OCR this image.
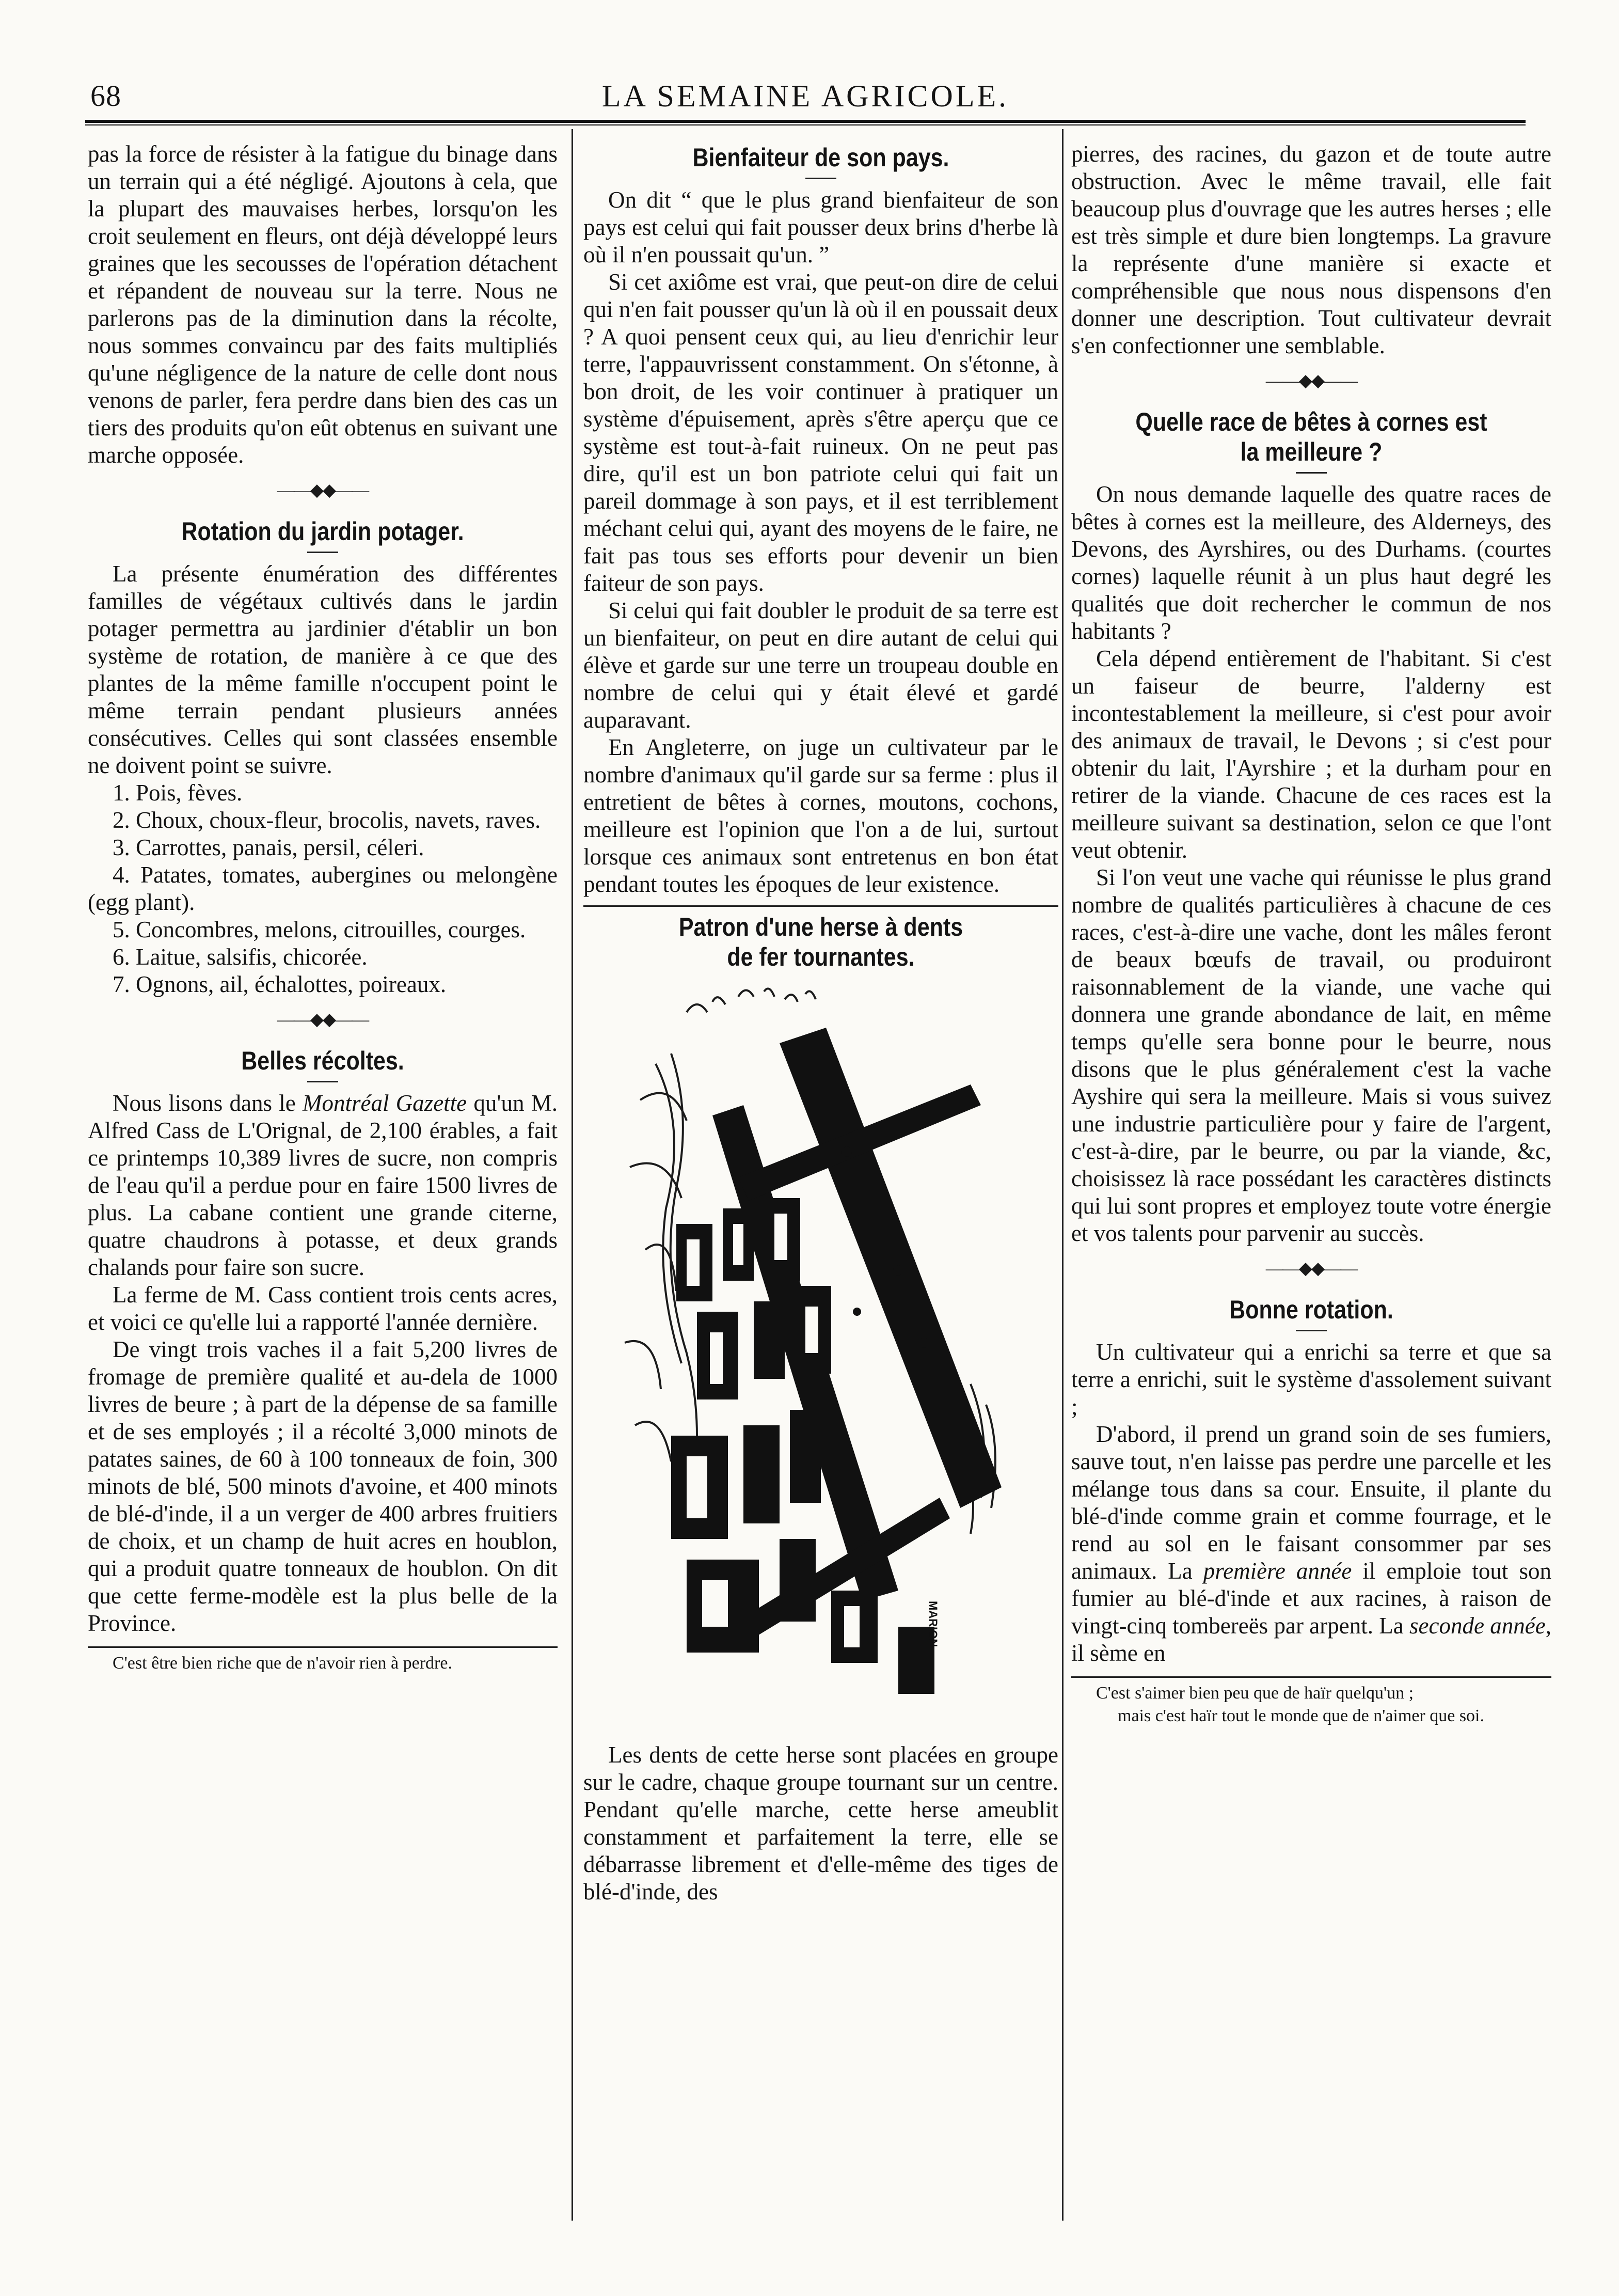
68	LA SEMAINE AGRICOLE.

pas la force de résister à la fatigue du binage dans un terrain qui a été négligé. Ajoutons à cela, que la plupart des mauvaises herbes, lorsqu'on les croit seulement en fleurs, ont déjà développé leurs graines que les secousses de l'opération détachent et répandent de nouveau sur la terre. Nous ne parlerons pas de la diminution dans la récolte, nous sommes convaincu par des faits multipliés qu'une négligence de la nature de celle dont nous venons de parler, fera perdre dans bien des cas un tiers des produits qu'on eût obtenus en suivant une marche opposée.

——◆◆——
Rotation du jardin potager.

La présente énumération des différentes familles de végétaux cultivés dans le jardin potager permettra au jardinier d'établir un bon système de rotation, de manière à ce que des plantes de la même famille n'occupent point le même terrain pendant plusieurs années consécutives. Celles qui sont classées ensemble ne doivent point se suivre.

1. Pois, fèves.

2. Choux, choux-fleur, brocolis, navets, raves.

3. Carrottes, panais, persil, céleri.

4. Patates, tomates, aubergines ou melongène (egg plant).

5. Concombres, melons, citrouilles, courges.

6. Laitue, salsifis, chicorée.

7. Ognons, ail, échalottes, poireaux.

——◆◆——
Belles récoltes.

Nous lisons dans le Montréal Gazette qu'un M. Alfred Cass de L'Orignal, de 2,100 érables, a fait ce printemps 10,389 livres de sucre, non compris de l'eau qu'il a perdue pour en faire 1500 livres de plus. La cabane contient une grande citerne, quatre chaudrons à potasse, et deux grands chalands pour faire son sucre.

La ferme de M. Cass contient trois cents acres, et voici ce qu'elle lui a rapporté l'année dernière.

De vingt trois vaches il a fait 5,200 livres de fromage de première qualité et au-dela de 1000 livres de beure ; à part de la dépense de sa famille et de ses employés ; il a récolté 3,000 minots de patates saines, de 60 à 100 tonneaux de foin, 300 minots de blé, 500 minots d'avoine, et 400 minots de blé-d'inde, il a un verger de 400 arbres fruitiers de choix, et un champ de huit acres en houblon, qui a produit quatre tonneaux de houblon. On dit que cette ferme-modèle est la plus belle de la Province.

C'est être bien riche que de n'avoir rien à perdre.

Bienfaiteur de son pays.

On dit “ que le plus grand bienfaiteur de son pays est celui qui fait pousser deux brins d'herbe là où il n'en poussait qu'un. ”

Si cet axiôme est vrai, que peut-on dire de celui qui n'en fait pousser qu'un là où il en poussait deux ? A quoi pensent ceux qui, au lieu d'enrichir leur terre, l'appauvrissent constamment. On s'étonne, à bon droit, de les voir continuer à pratiquer un système d'épuisement, après s'être aperçu que ce système est tout-à-fait ruineux. On ne peut pas dire, qu'il est un bon patriote celui qui fait un pareil dommage à son pays, et il est terriblement méchant celui qui, ayant des moyens de le faire, ne fait pas tous ses efforts pour devenir un bien faiteur de son pays.

Si celui qui fait doubler le produit de sa terre est un bienfaiteur, on peut en dire autant de celui qui élève et garde sur une terre un troupeau double en nombre de celui qui y était élevé et gardé auparavant.

En Angleterre, on juge un cultivateur par le nombre d'animaux qu'il garde sur sa ferme : plus il entretient de bêtes à cornes, moutons, cochons, meilleure est l'opinion que l'on a de lui, surtout lorsque ces animaux sont entretenus en bon état pendant toutes les époques de leur existence.

Patron d'une herse à dents
de fer tournantes.
MARION

Les dents de cette herse sont placées en groupe sur le cadre, chaque groupe tournant sur un centre. Pendant qu'elle marche, cette herse ameublit constamment et parfaitement la terre, elle se débarrasse librement et d'elle-même des tiges de blé-d'inde, des

pierres, des racines, du gazon et de toute autre obstruction. Avec le même travail, elle fait beaucoup plus d'ouvrage que les autres herses ; elle est très simple et dure bien longtemps. La gravure la représente d'une manière si exacte et compréhensible que nous nous dispensons d'en donner une description. Tout cultivateur devrait s'en confectionner une semblable.

——◆◆——
Quelle race de bêtes à cornes est
la meilleure ?

On nous demande laquelle des quatre races de bêtes à cornes est la meilleure, des Alderneys, des Devons, des Ayrshires, ou des Durhams. (courtes cornes) laquelle réunit à un plus haut degré les qualités que doit rechercher le commun de nos habitants ?

Cela dépend entièrement de l'habitant. Si c'est un faiseur de beurre, l'alderny est incontestablement la meilleure, si c'est pour avoir des animaux de travail, le Devons ; si c'est pour obtenir du lait, l'Ayrshire ; et la durham pour en retirer de la viande. Chacune de ces races est la meilleure suivant sa destination, selon ce que l'ont veut obtenir.

Si l'on veut une vache qui réunisse le plus grand nombre de qualités particulières à chacune de ces races, c'est-à-dire une vache, dont les mâles feront de beaux bœufs de travail, ou produiront raisonnablement de la viande, une vache qui donnera une grande abondance de lait, en même temps qu'elle sera bonne pour le beurre, nous disons que le plus généralement c'est la vache Ayshire qui sera la meilleure. Mais si vous suivez une industrie particulière pour y faire de l'argent, c'est-à-dire, par le beurre, ou par la viande, &c, choisissez là race possédant les caractères distincts qui lui sont propres et employez toute votre énergie et vos talents pour parvenir au succès.

——◆◆——
Bonne rotation.

Un cultivateur qui a enrichi sa terre et que sa terre a enrichi, suit le système d'assolement suivant ;

D'abord, il prend un grand soin de ses fumiers, sauve tout, n'en laisse pas perdre une parcelle et les mélange tous dans sa cour. Ensuite, il plante du blé-d'inde comme grain et comme fourrage, et le rend au sol en le faisant consommer par ses animaux. La première année il emploie tout son fumier au blé-d'inde et aux racines, à raison de vingt-cinq tombereës par arpent. La seconde année, il sème en

C'est s'aimer bien peu que de haïr quelqu'un ;

mais c'est haïr tout le monde que de n'aimer que soi.
